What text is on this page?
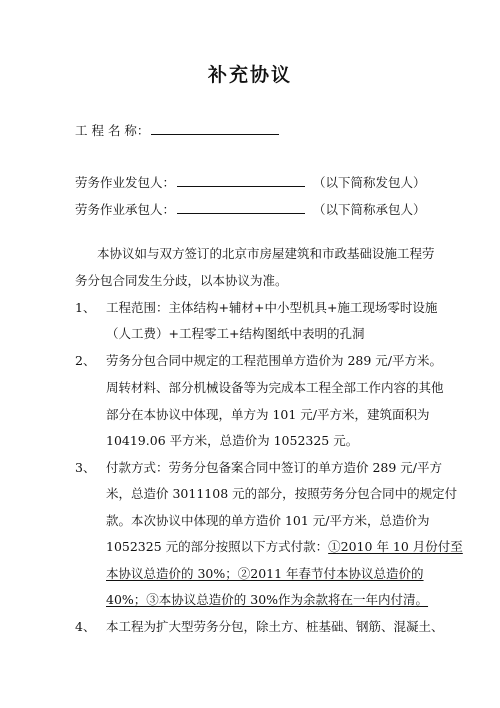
补充协议
工 程 名 称：
劳务作业发包人：	（以下简称发包人）
劳务作业承包人：	（以下简称承包人）
本协议如与双方签订的北京市房屋建筑和市政基础设施工程劳
务分包合同发生分歧，以本协议为准。
1、 工程范围：主体结构+辅材+中小型机具+施工现场零时设施
（人工费）+工程零工+结构图纸中表明的孔洞
2、 劳务分包合同中规定的工程范围单方造价为 289 元/平方米。
周转材料、部分机械设备等为完成本工程全部工作内容的其他
部分在本协议中体现，单方为 101 元/平方米，建筑面积为
10419.06 平方米，总造价为 1052325 元。
3、 付款方式：劳务分包备案合同中签订的单方造价 289 元/平方
米，总造价 3011108 元的部分，按照劳务分包合同中的规定付
款。本次协议中体现的单方造价 101 元/平方米，总造价为
1052325 元的部分按照以下方式付款：①2010 年 10 月份付至
本协议总造价的 30%；②2011 年春节付本协议总造价的
40%；③本协议总造价的 30%作为余款将在一年内付清。
4、 本工程为扩大型劳务分包，除土方、桩基础、钢筋、混凝土、
